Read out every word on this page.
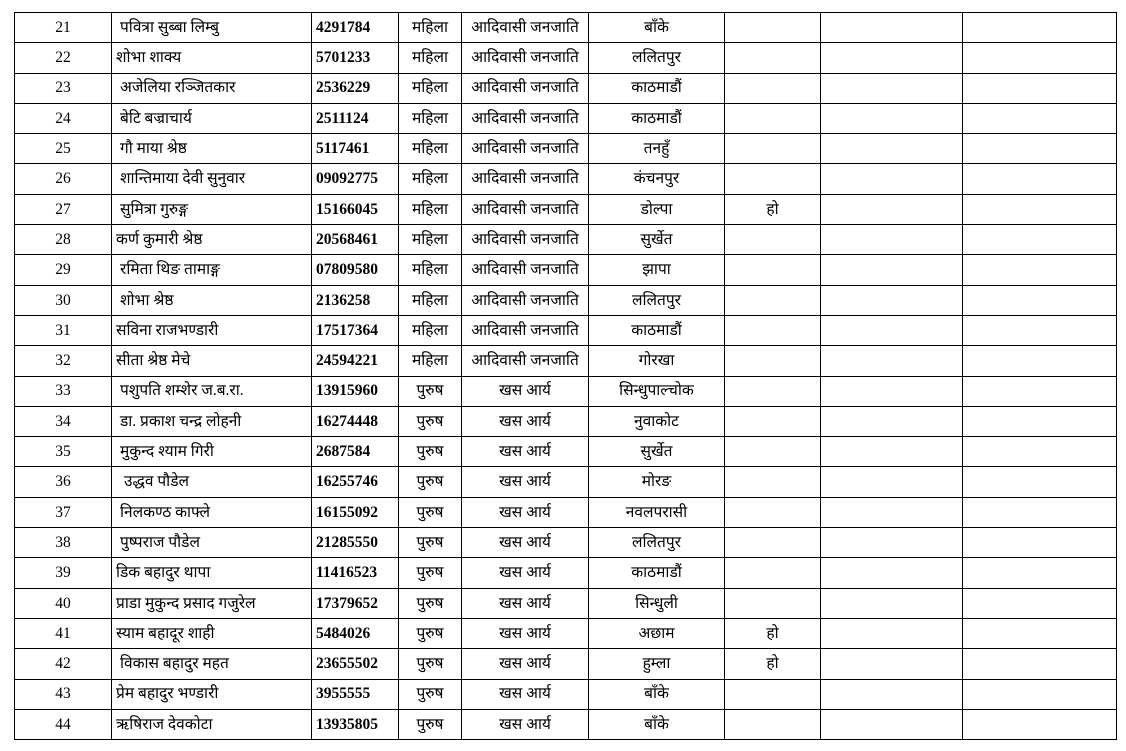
21	पवित्रा सुब्बा लिम्बु	4291784	महिला	आदिवासी जनजाति	बाँके			
22	शोभा शाक्य	5701233	महिला	आदिवासी जनजाति	ललितपुर			
23	अजेलिया रञ्जितकार	2536229	महिला	आदिवासी जनजाति	काठमाडौं			
24	बेटि बज्राचार्य	2511124	महिला	आदिवासी जनजाति	काठमाडौं			
25	गौ माया श्रेष्ठ	5117461	महिला	आदिवासी जनजाति	तनहुँ			
26	शान्तिमाया देवी सुनुवार	09092775	महिला	आदिवासी जनजाति	कंचनपुर			
27	सुमित्रा गुरुङ्ग	15166045	महिला	आदिवासी जनजाति	डोल्पा	हो		
28	कर्ण कुमारी श्रेष्ठ	20568461	महिला	आदिवासी जनजाति	सुर्खेत			
29	रमिता थिङ तामाङ्ग	07809580	महिला	आदिवासी जनजाति	झापा			
30	शोभा श्रेष्ठ	2136258	महिला	आदिवासी जनजाति	ललितपुर			
31	सविना राजभण्डारी	17517364	महिला	आदिवासी जनजाति	काठमाडौं			
32	सीता श्रेष्ठ मेचे	24594221	महिला	आदिवासी जनजाति	गोरखा			
33	पशुपति शम्शेर ज.ब.रा.	13915960	पुरुष	खस आर्य	सिन्धुपाल्चोक			
34	डा. प्रकाश चन्द्र लोहनी	16274448	पुरुष	खस आर्य	नुवाकोट			
35	मुकुन्द श्याम गिरी	2687584	पुरुष	खस आर्य	सुर्खेत			
36	उद्धव पौडेल	16255746	पुरुष	खस आर्य	मोरङ			
37	निलकण्ठ काफ्ले	16155092	पुरुष	खस आर्य	नवलपरासी			
38	पुष्पराज पौडेल	21285550	पुरुष	खस आर्य	ललितपुर			
39	डिक बहादुर थापा	11416523	पुरुष	खस आर्य	काठमाडौं			
40	प्राडा मुकुन्द प्रसाद गजुरेल	17379652	पुरुष	खस आर्य	सिन्धुली			
41	स्याम बहादूर शाही	5484026	पुरुष	खस आर्य	अछाम	हो		
42	विकास बहादुर महत	23655502	पुरुष	खस आर्य	हुम्ला	हो		
43	प्रेम बहादुर भण्डारी	3955555	पुरुष	खस आर्य	बाँके			
44	ऋषिराज देवकोटा	13935805	पुरुष	खस आर्य	बाँके			
